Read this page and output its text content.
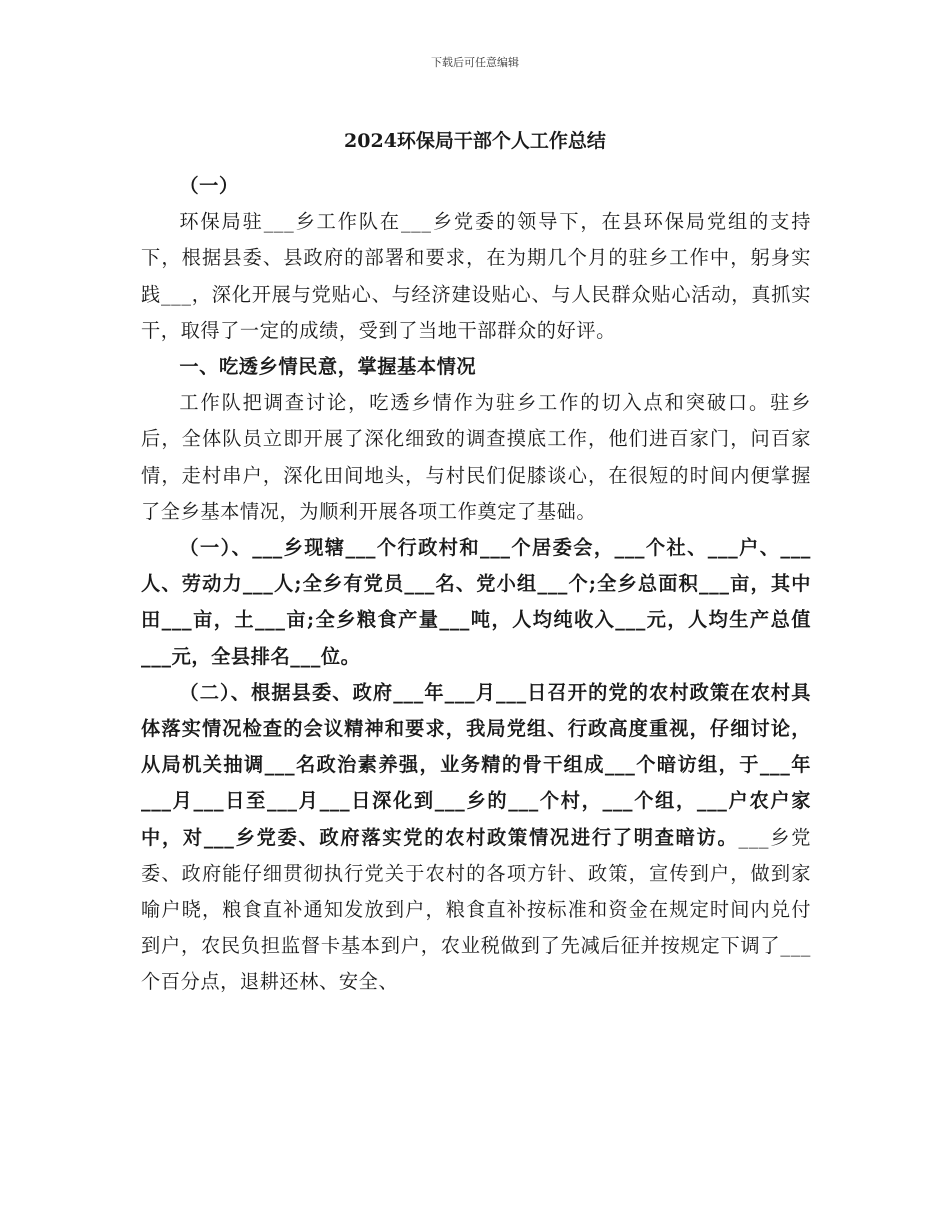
下载后可任意编辑
2024环保局干部个人工作总结

（一）

环保局驻___乡工作队在___乡党委的领导下，在县环保局党组的支持下，根据县委、县政府的部署和要求，在为期几个月的驻乡工作中，躬身实践___，深化开展与党贴心、与经济建设贴心、与人民群众贴心活动，真抓实干，取得了一定的成绩，受到了当地干部群众的好评。

一、吃透乡情民意，掌握基本情况

工作队把调查讨论，吃透乡情作为驻乡工作的切入点和突破口。驻乡后，全体队员立即开展了深化细致的调查摸底工作，他们进百家门，问百家情，走村串户，深化田间地头，与村民们促膝谈心，在很短的时间内便掌握了全乡基本情况，为顺利开展各项工作奠定了基础。

（一）、___乡现辖___个行政村和___个居委会，___个社、___户、___人、劳动力___人;全乡有党员___名、党小组___个;全乡总面积___亩，其中田___亩，土___亩;全乡粮食产量___吨，人均纯收入___元，人均生产总值___元，全县排名___位。

（二）、根据县委、政府___年___月___日召开的党的农村政策在农村具体落实情况检查的会议精神和要求，我局党组、行政高度重视，仔细讨论，从局机关抽调___名政治素养强，业务精的骨干组成___个暗访组，于___年___月___日至___月___日深化到___乡的___个村，___个组，___户农户家中，对___乡党委、政府落实党的农村政策情况进行了明查暗访。___乡党委、政府能仔细贯彻执行党关于农村的各项方针、政策，宣传到户，做到家喻户晓，粮食直补通知发放到户，粮食直补按标准和资金在规定时间内兑付到户，农民负担监督卡基本到户，农业税做到了先减后征并按规定下调了___个百分点，退耕还林、安全、
